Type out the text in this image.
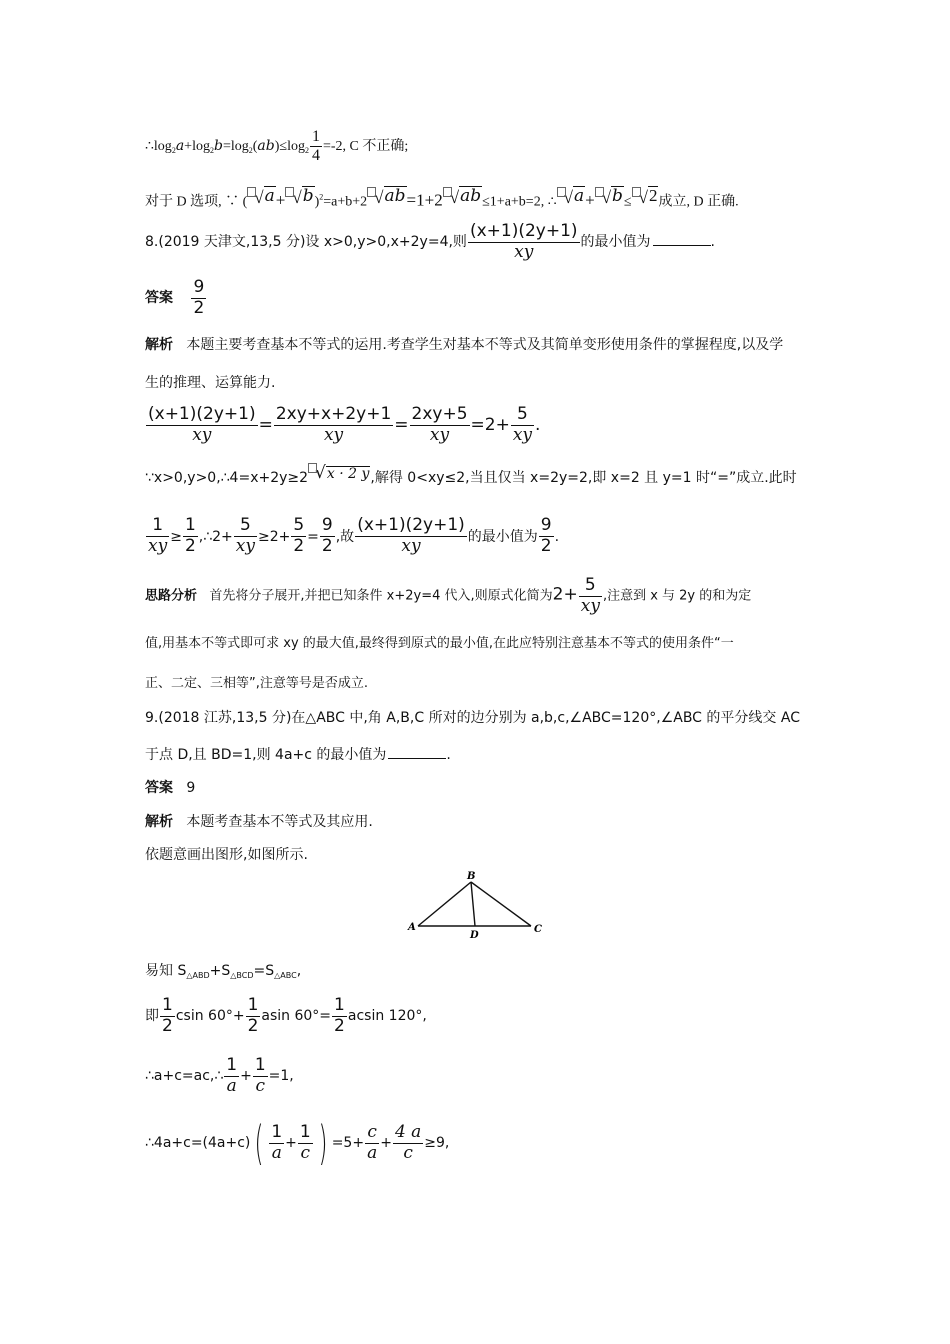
$\therefore\log_2a+\log_2b=\log_2(ab)\le\log_2 \frac{1}{4} =-2$, C 不正确;
对于 D 选项, ∵ ( √ a + √ b )$^2$=a+b+2 √ ab =1+2 √ ab ≤1+a+b=2, ∴ √ a + √ b ≤ √ 2 成立, D 正确.
8.(2019 天津文,13,5 分)设 x>0,y>0,x+2y=4,则 $\frac{(x+1)(2y+1)}{xy}$ 的最小值为	.
答案 $\frac{9}{2}$
解析 本题主要考查基本不等式的运用.考查学生对基本不等式及其简单变形使用条件的掌握程度,以及学
生的推理、运算能力.
$\frac{(x+1)(2y+1)}{xy} = \frac{2xy+x+2y+1}{xy} = \frac{2xy+5}{xy} =2+ \frac{5}{xy}$ .
∵x>0,y>0,∴4=x+2y≥2 √ x · 2 y ,解得 0<xy≤2,当且仅当 x=2y=2,即 x=2 且 y=1 时“=”成立.此时
$\frac{1}{xy} \ge \frac{1}{2}$ ,∴2+ $\frac{5}{xy} \ge 2+ \frac{5}{2} = \frac{9}{2}$ ,故 $\frac{(x+1)(2y+1)}{xy}$ 的最小值为 $\frac{9}{2}$ .
思路分析 首先将分子展开,并把已知条件 x+2y=4 代入,则原式化简为$2+ \frac{5}{xy}$ ,注意到 x 与 2y 的和为定
值,用基本不等式即可求 xy 的最大值,最终得到原式的最小值,在此应特别注意基本不等式的使用条件“一
正、二定、三相等”,注意等号是否成立.
9.(2018 江苏,13,5 分)在△ABC 中,角 A,B,C 所对的边分别为 a,b,c,∠ABC=120°,∠ABC 的平分线交 AC
于点 D,且 BD=1,则 4a+c 的最小值为	.
答案 9
解析 本题考查基本不等式及其应用.
依题意画出图形,如图所示.
A
B
C
D
易知 $S_{\triangle ABD}+S_{\triangle BCD}=S_{\triangle ABC}$,
即 $\frac{1}{2}$ csin $60^\circ+ \frac{1}{2}$ asin $60^\circ= \frac{1}{2}$ acsin 120°,
∴a+c=ac,∴ $\frac{1}{a} + \frac{1}{c} =1$,
∴4a+c=(4a+c)( $\frac{1}{a} + \frac{1}{c}$ ) $=5+ \frac{c}{a} + \frac{4 a}{c} \ge 9$,
